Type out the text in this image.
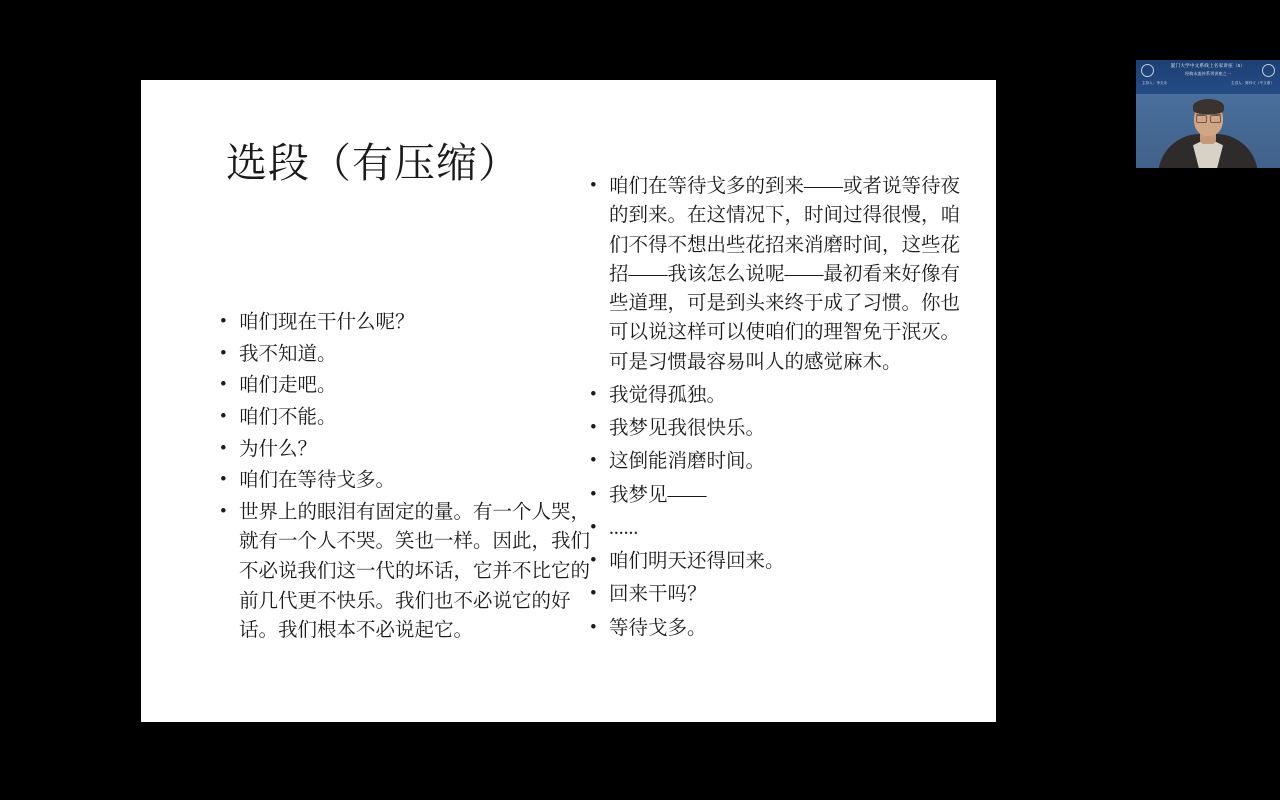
选段（有压缩）
• 咱们现在干什么呢？
• 我不知道。
• 咱们走吧。
• 咱们不能。
• 为什么？
• 咱们在等待戈多。
• 世界上的眼泪有固定的量。有一个人哭，就有一个人不哭。笑也一样。因此，我们不必说我们这一代的坏话，它并不比它的前几代更不快乐。我们也不必说它的好话。我们根本不必说起它。
• 咱们在等待戈多的到来——或者说等待夜的到来。在这情况下，时间过得很慢，咱们不得不想出些花招来消磨时间，这些花招——我该怎么说呢——最初看来好像有些道理，可是到头来终于成了习惯。你也可以说这样可以使咱们的理智免于泯灭。可是习惯最容易叫人的感觉麻木。
• 我觉得孤独。
• 我梦见我很快乐。
• 这倒能消磨时间。
• 我梦见——
• ......
• 咱们明天还得回来。
• 回来干吗？
• 等待戈多。
厦门大学中文系线上名家讲座（5）
经典永流传系列讲座之一
主持人：李无未	主讲人：陈仲义（中文系）
